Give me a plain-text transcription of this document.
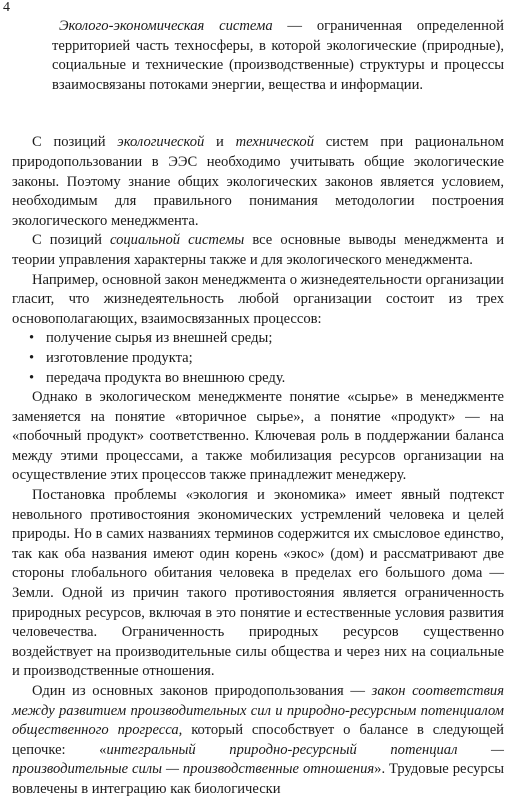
4

Эколого-экономическая система — ограниченная определенной территорией часть техносферы, в которой экологические (природные), социальные и технические (производственные) структуры и процессы взаимосвязаны потоками энергии, вещества и информации.

С позиций экологической и технической систем при рациональном природопользовании в ЭЭС необходимо учитывать общие экологические законы. Поэтому знание общих экологических законов является условием, необходимым для правильного понимания методологии построения экологического менеджмента.

С позиций социальной системы все основные выводы менеджмента и теории управления характерны также и для экологического менеджмента.

Например, основной закон менеджмента о жизнедеятельности организации гласит, что жизнедеятельность любой организации состоит из трех основополагающих, взаимосвязанных процессов:

• получение сырья из внешней среды;
• изготовление продукта;
• передача продукта во внешнюю среду.

Однако в экологическом менеджменте понятие «сырье» в менеджменте заменяется на понятие «вторичное сырье», а понятие «продукт» — на «побочный продукт» соответственно. Ключевая роль в поддержании баланса между этими процессами, а также мобилизация ресурсов организации на осуществление этих процессов также принадлежит менеджеру.

Постановка проблемы «экология и экономика» имеет явный подтекст невольного противостояния экономических устремлений человека и целей природы. Но в самих названиях терминов содержится их смысловое единство, так как оба названия имеют один корень «экос» (дом) и рассматривают две стороны глобального обитания человека в пределах его большого дома — Земли. Одной из причин такого противостояния является ограниченность природных ресурсов, включая в это понятие и естественные условия развития человечества. Ограниченность природных ресурсов существенно воздействует на производительные силы общества и через них на социальные и производственные отношения.

Один из основных законов природопользования — закон соответствия между развитием производительных сил и природно-ресурсным потенциалом общественного прогресса, который способствует о балансе в следующей цепочке: «интегральный природно-ресурсный потенциал — производительные силы — производственные отношения». Трудовые ресурсы вовлечены в интеграцию как биологически
